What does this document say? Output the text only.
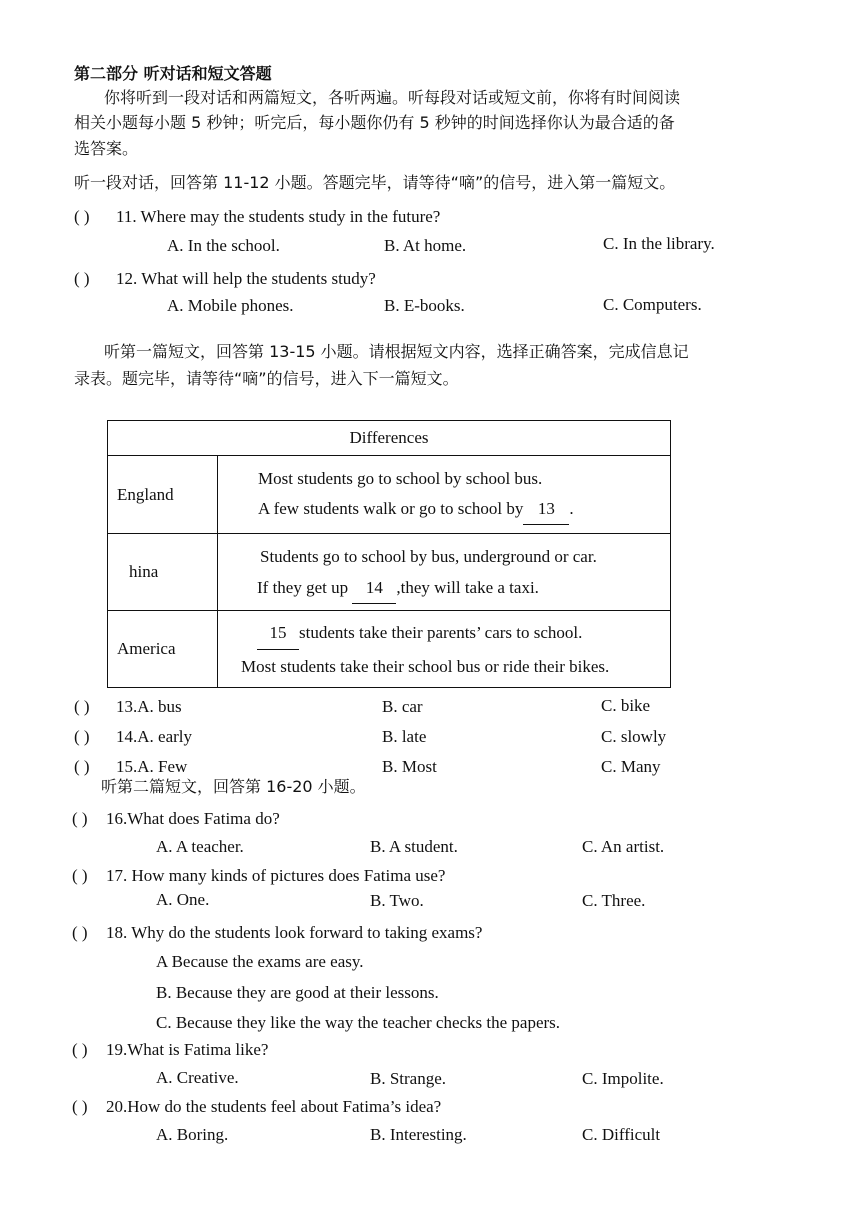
第二部分 听对话和短文答题
你将听到一段对话和两篇短文，各听两遍。听每段对话或短文前，你将有时间阅读
相关小题每小题 5 秒钟；听完后，每小题你仍有 5 秒钟的时间选择你认为最合适的备
选答案。
听一段对话，回答第 11-12 小题。答题完毕，请等待“嘀”的信号，进入第一篇短文。
( ) 11. Where may the students study in the future?
A. In the school.	B. At home.	C. In the library.
( ) 12. What will help the students study?
A. Mobile phones.	B. E-books.	C. Computers.
听第一篇短文，回答第 13-15 小题。请根据短文内容，选择正确答案，完成信息记
录表。题完毕，请等待“嘀”的信号，进入下一篇短文。
Differences	
England	Most students go to school by school bus.
A few students walk or go to school by 13 .

hina	Students go to school by bus, underground or car.
If they get up 14 ,they will take a taxi.

America	15 students take their parents’ cars to school.
Most students take their school bus or ride their bikes.
( ) 13.A. bus	B. car	C. bike
( ) 14.A. early	B. late	C. slowly
( ) 15.A. Few	B. Most	C. Many
听第二篇短文，回答第 16-20 小题。
( ) 16.What does Fatima do?
A. A teacher.	B. A student.	C. An artist.
( ) 17. How many kinds of pictures does Fatima use?
A. One.	B. Two.	C. Three.
( ) 18. Why do the students look forward to taking exams?
A Because the exams are easy.
B. Because they are good at their lessons.
C. Because they like the way the teacher checks the papers.
( ) 19.What is Fatima like?
A. Creative.	B. Strange.	C. Impolite.
( ) 20.How do the students feel about Fatima’s idea?
A. Boring.	B. Interesting.	C. Difficult
